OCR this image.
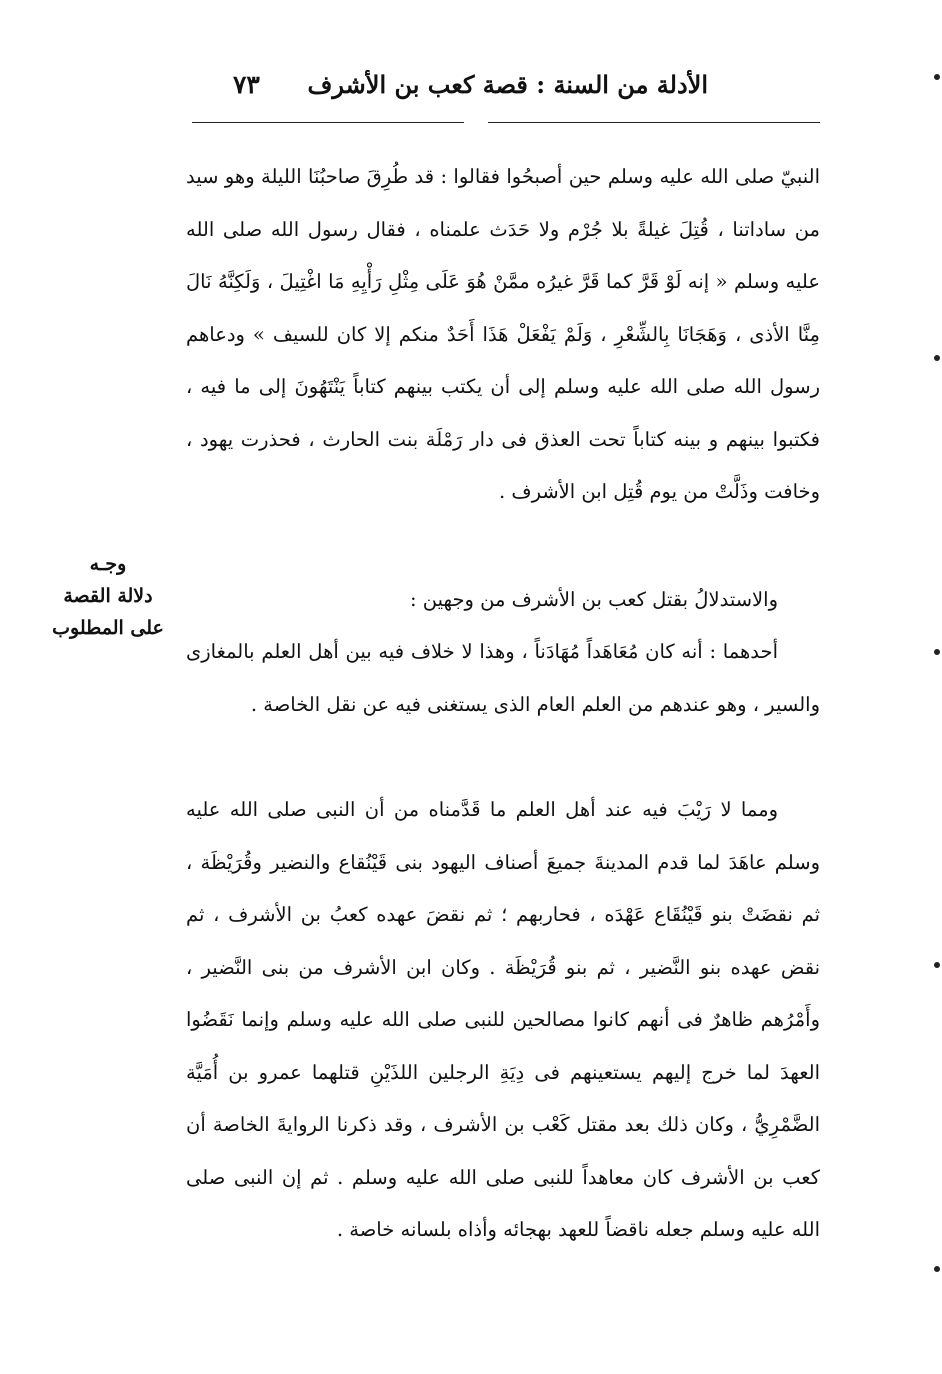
الأدلة من السنة : قصة كعب بن الأشرف
٧٣

النبيّ صلى الله عليه وسلم حين أصبحُوا فقالوا : قد طُرِقَ صاحبُنَا الليلة وهو سيد من ساداتنا ، قُتِلَ غيلةً بلا جُرْم ولا حَدَث علمناه ، فقال رسول الله صلى الله عليه وسلم « إنه لَوْ قَرَّ كما قَرَّ غيرُه ممَّنْ هُوَ عَلَى مِثْلِ رَأْيِهِ مَا اغْتِيلَ ، وَلَكِنَّهُ نَالَ مِنَّا الأذى ، وَهَجَانَا بِالشِّعْرِ ، وَلَمْ يَفْعَلْ هَذَا أَحَدٌ منكم إلا كان للسيف » ودعاهم رسول الله صلى الله عليه وسلم إلى أن يكتب بينهم كتاباً يَنْتَهُونَ إلى ما فيه ، فكتبوا بينهم و بينه كتاباً تحت العذق فى دار رَمْلَة بنت الحارث ، فحذرت يهود ، وخافت وذَلَّتْ من يوم قُتِل ابن الأشرف .

والاستدلالُ بقتل كعب بن الأشرف من وجهين :

أحدهما : أنه كان مُعَاهَداً مُهَادَناً ، وهذا لا خلاف فيه بين أهل العلم بالمغازى والسير ، وهو عندهم من العلم العام الذى يستغنى فيه عن نقل الخاصة .

ومما لا رَيْبَ فيه عند أهل العلم ما قَدَّمناه من أن النبى صلى الله عليه وسلم عاهَدَ لما قدم المدينةَ جميعَ أصناف اليهود بنى قَيْنُقاع والنضير وقُرَيْظَة ، ثم نقضَتْ بنو قَيْنُقَاع عَهْدَه ، فحاربهم ؛ ثم نقضَ عهده كعبُ بن الأشرف ، ثم نقض عهده بنو النَّضير ، ثم بنو قُرَيْظَة . وكان ابن الأشرف من بنى النَّضير ، وأَمْرُهم ظاهرٌ فى أنهم كانوا مصالحين للنبى صلى الله عليه وسلم وإنما نَقَضُوا العهدَ لما خرج إليهم يستعينهم فى دِيَةِ الرجلين اللذَيْنِ قتلهما عمرو بن أُمَيَّة الضَّمْرِيُّ ، وكان ذلك بعد مقتل كَعْب بن الأشرف ، وقد ذكرنا الروايةَ الخاصة أن كعب بن الأشرف كان معاهداً للنبى صلى الله عليه وسلم . ثم إن النبى صلى الله عليه وسلم جعله ناقضاً للعهد بهجائه وأذاه بلسانه خاصة .

وجـه
دلالة القصة
على المطلوب
